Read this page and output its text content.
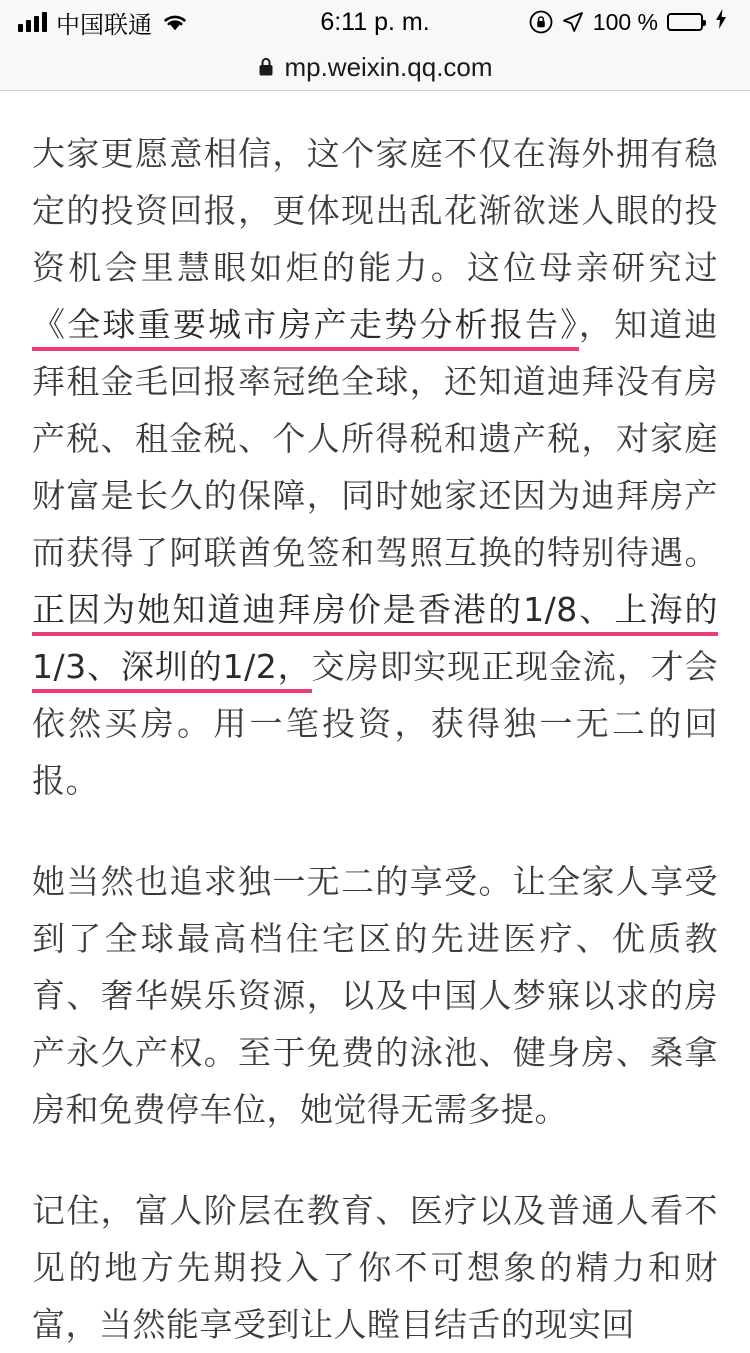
中国联通	6:11 p. m.	100 %
mp.weixin.qq.com

大家更愿意相信，这个家庭不仅在海外拥有稳定的投资回报，更体现出乱花渐欲迷人眼的投资机会里慧眼如炬的能力。这位母亲研究过《全球重要城市房产走势分析报告》，知道迪拜租金毛回报率冠绝全球，还知道迪拜没有房产税、租金税、个人所得税和遗产税，对家庭财富是长久的保障，同时她家还因为迪拜房产而获得了阿联酋免签和驾照互换的特别待遇。正因为她知道迪拜房价是香港的1/8、上海的1/3、深圳的1/2，交房即实现正现金流，才会依然买房。用一笔投资，获得独一无二的回报。

她当然也追求独一无二的享受。让全家人享受到了全球最高档住宅区的先进医疗、优质教育、奢华娱乐资源，以及中国人梦寐以求的房产永久产权。至于免费的泳池、健身房、桑拿房和免费停车位，她觉得无需多提。

记住，富人阶层在教育、医疗以及普通人看不见的地方先期投入了你不可想象的精力和财富，当然能享受到让人瞠目结舌的现实回
